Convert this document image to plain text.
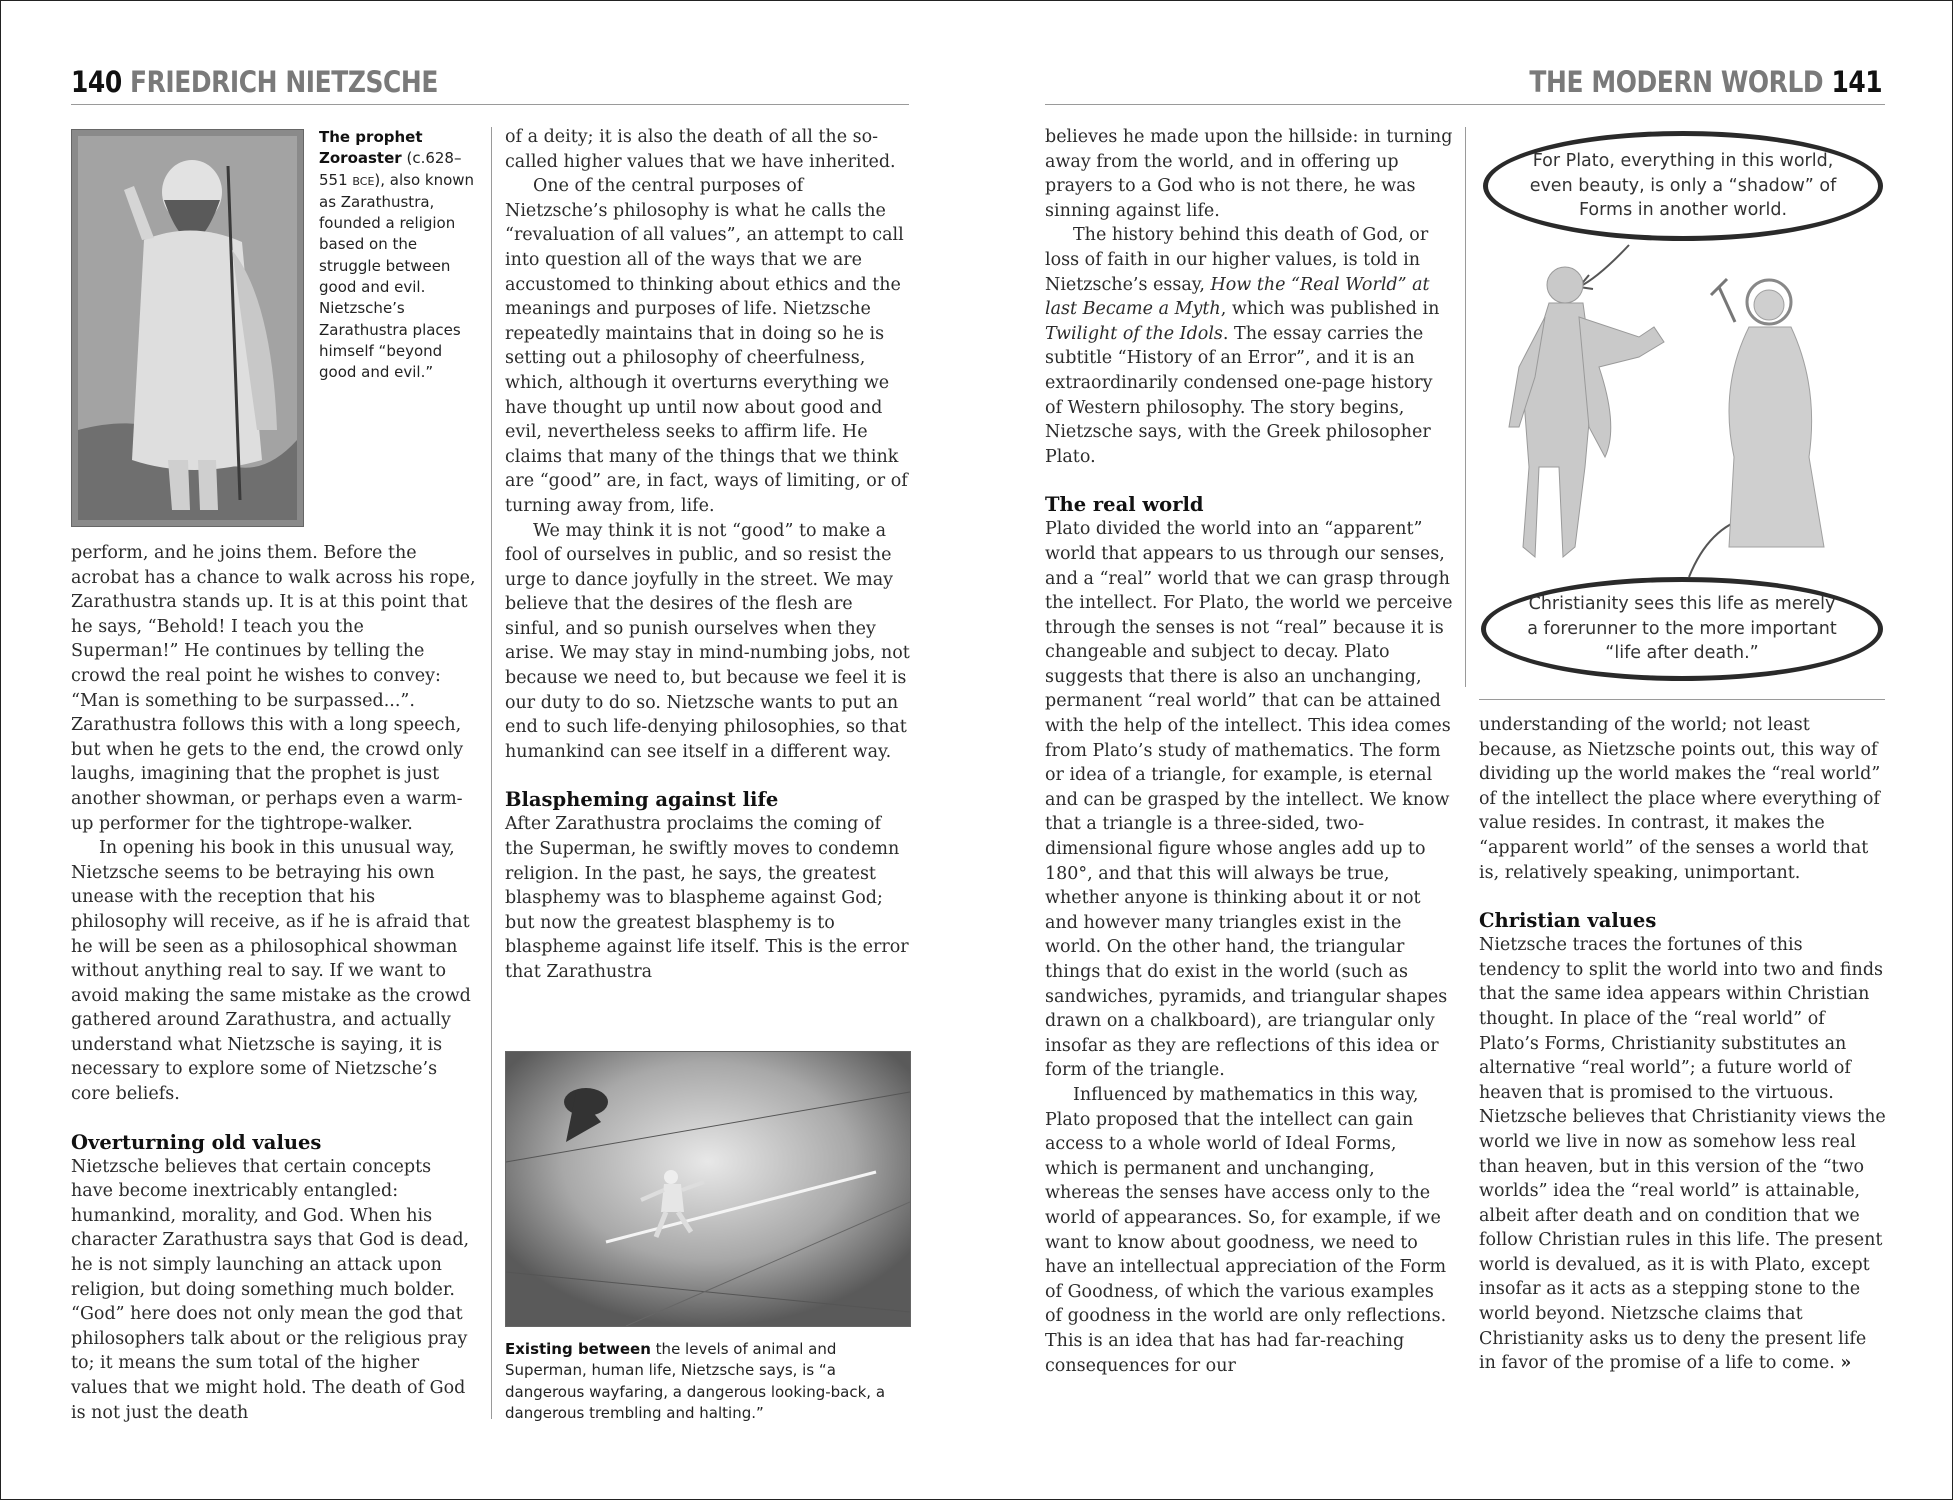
140 FRIEDRICH NIETZSCHE	THE MODERN WORLD 141
The prophet Zoroaster (c.628–551 BCE), also known as Zarathustra, founded a religion based on the struggle between good and evil. Nietzsche’s Zarathustra places himself “beyond good and evil.”

perform, and he joins them. Before the acrobat has a chance to walk across his rope, Zarathustra stands up. It is at this point that he says, “Behold! I teach you the Superman!” He continues by telling the crowd the real point he wishes to convey: “Man is something to be surpassed...”. Zarathustra follows this with a long speech, but when he gets to the end, the crowd only laughs, imagining that the prophet is just another showman, or perhaps even a warm-up performer for the tightrope-walker.

In opening his book in this unusual way, Nietzsche seems to be betraying his own unease with the reception that his philosophy will receive, as if he is afraid that he will be seen as a philosophical showman without anything real to say. If we want to avoid making the same mistake as the crowd gathered around Zarathustra, and actually understand what Nietzsche is saying, it is necessary to explore some of Nietzsche’s core beliefs.

Overturning old values

Nietzsche believes that certain concepts have become inextricably entangled: humankind, morality, and God. When his character Zarathustra says that God is dead, he is not simply launching an attack upon religion, but doing something much bolder. “God” here does not only mean the god that philosophers talk about or the religious pray to; it means the sum total of the higher values that we might hold. The death of God is not just the death

of a deity; it is also the death of all the so-called higher values that we have inherited.

One of the central purposes of Nietzsche’s philosophy is what he calls the “revaluation of all values”, an attempt to call into question all of the ways that we are accustomed to thinking about ethics and the meanings and purposes of life. Nietzsche repeatedly maintains that in doing so he is setting out a philosophy of cheerfulness, which, although it overturns everything we have thought up until now about good and evil, nevertheless seeks to affirm life. He claims that many of the things that we think are “good” are, in fact, ways of limiting, or of turning away from, life.

We may think it is not “good” to make a fool of ourselves in public, and so resist the urge to dance joyfully in the street. We may believe that the desires of the flesh are sinful, and so punish ourselves when they arise. We may stay in mind-numbing jobs, not because we need to, but because we feel it is our duty to do so. Nietzsche wants to put an end to such life-denying philosophies, so that humankind can see itself in a different way.

Blaspheming against life

After Zarathustra proclaims the coming of the Superman, he swiftly moves to condemn religion. In the past, he says, the greatest blasphemy was to blaspheme against God; but now the greatest blasphemy is to blaspheme against life itself. This is the error that Zarathustra

Existing between the levels of animal and Superman, human life, Nietzsche says, is “a dangerous wayfaring, a dangerous looking-back, a dangerous trembling and halting.”

believes he made upon the hillside: in turning away from the world, and in offering up prayers to a God who is not there, he was sinning against life.

The history behind this death of God, or loss of faith in our higher values, is told in Nietzsche’s essay, How the “Real World” at last Became a Myth, which was published in Twilight of the Idols. The essay carries the subtitle “History of an Error”, and it is an extraordinarily condensed one-page history of Western philosophy. The story begins, Nietzsche says, with the Greek philosopher Plato.

The real world

Plato divided the world into an “apparent” world that appears to us through our senses, and a “real” world that we can grasp through the intellect. For Plato, the world we perceive through the senses is not “real” because it is changeable and subject to decay. Plato suggests that there is also an unchanging, permanent “real world” that can be attained with the help of the intellect. This idea comes from Plato’s study of mathematics. The form or idea of a triangle, for example, is eternal and can be grasped by the intellect. We know that a triangle is a three-sided, two-dimensional figure whose angles add up to 180°, and that this will always be true, whether anyone is thinking about it or not and however many triangles exist in the world. On the other hand, the triangular things that do exist in the world (such as sandwiches, pyramids, and triangular shapes drawn on a chalkboard), are triangular only insofar as they are reflections of this idea or form of the triangle.

Influenced by mathematics in this way, Plato proposed that the intellect can gain access to a whole world of Ideal Forms, which is permanent and unchanging, whereas the senses have access only to the world of appearances. So, for example, if we want to know about goodness, we need to have an intellectual appreciation of the Form of Goodness, of which the various examples of goodness in the world are only reflections. This is an idea that has had far-reaching consequences for our

For Plato, everything in this world, even beauty, is only a “shadow” of Forms in another world.
Christianity sees this life as merely a forerunner to the more important “life after death.”

understanding of the world; not least because, as Nietzsche points out, this way of dividing up the world makes the “real world” of the intellect the place where everything of value resides. In contrast, it makes the “apparent world” of the senses a world that is, relatively speaking, unimportant.

Christian values

Nietzsche traces the fortunes of this tendency to split the world into two and finds that the same idea appears within Christian thought. In place of the “real world” of Plato’s Forms, Christianity substitutes an alternative “real world”; a future world of heaven that is promised to the virtuous. Nietzsche believes that Christianity views the world we live in now as somehow less real than heaven, but in this version of the “two worlds” idea the “real world” is attainable, albeit after death and on condition that we follow Christian rules in this life. The present world is devalued, as it is with Plato, except insofar as it acts as a stepping stone to the world beyond. Nietzsche claims that Christianity asks us to deny the present life in favor of the promise of a life to come. »
